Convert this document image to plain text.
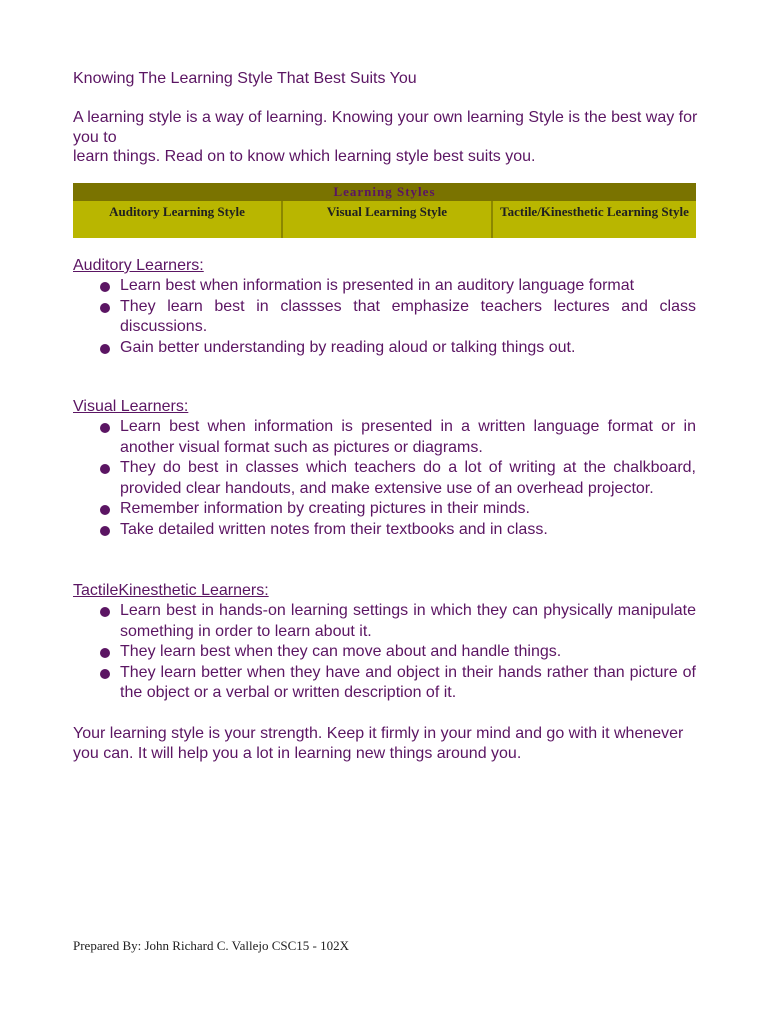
Knowing The Learning Style That Best Suits You

A learning style is a way of learning. Knowing your own learning Style is the best way for you to

learn things. Read on to know which learning style best suits you.

Learning Styles
Auditory Learning Style	Visual Learning Style	Tactile/Kinesthetic Learning Style

Auditory Learners:

Learn best when information is presented in an auditory language format
They learn best in classses that emphasize teachers lectures and class discussions.
Gain better understanding by reading aloud or talking things out.

Visual Learners:

Learn best when information is presented in a written language format or in another visual format such as pictures or diagrams.
They do best in classes which teachers do a lot of writing at the chalkboard, provided clear handouts, and make extensive use of an overhead projector.
Remember information by creating pictures in their minds.
Take detailed written notes from their textbooks and in class.

TactileKinesthetic Learners:

Learn best in hands-on learning settings in which they can physically manipulate something in order to learn about it.
They learn best when they can move about and handle things.
They learn better when they have and object in their hands rather than picture of the object or a verbal or written description of it.

Your learning style is your strength. Keep it firmly in your mind and go with it whenever you can. It will help you a lot in learning new things around you.

Prepared By: John Richard C. Vallejo CSC15 - 102X
